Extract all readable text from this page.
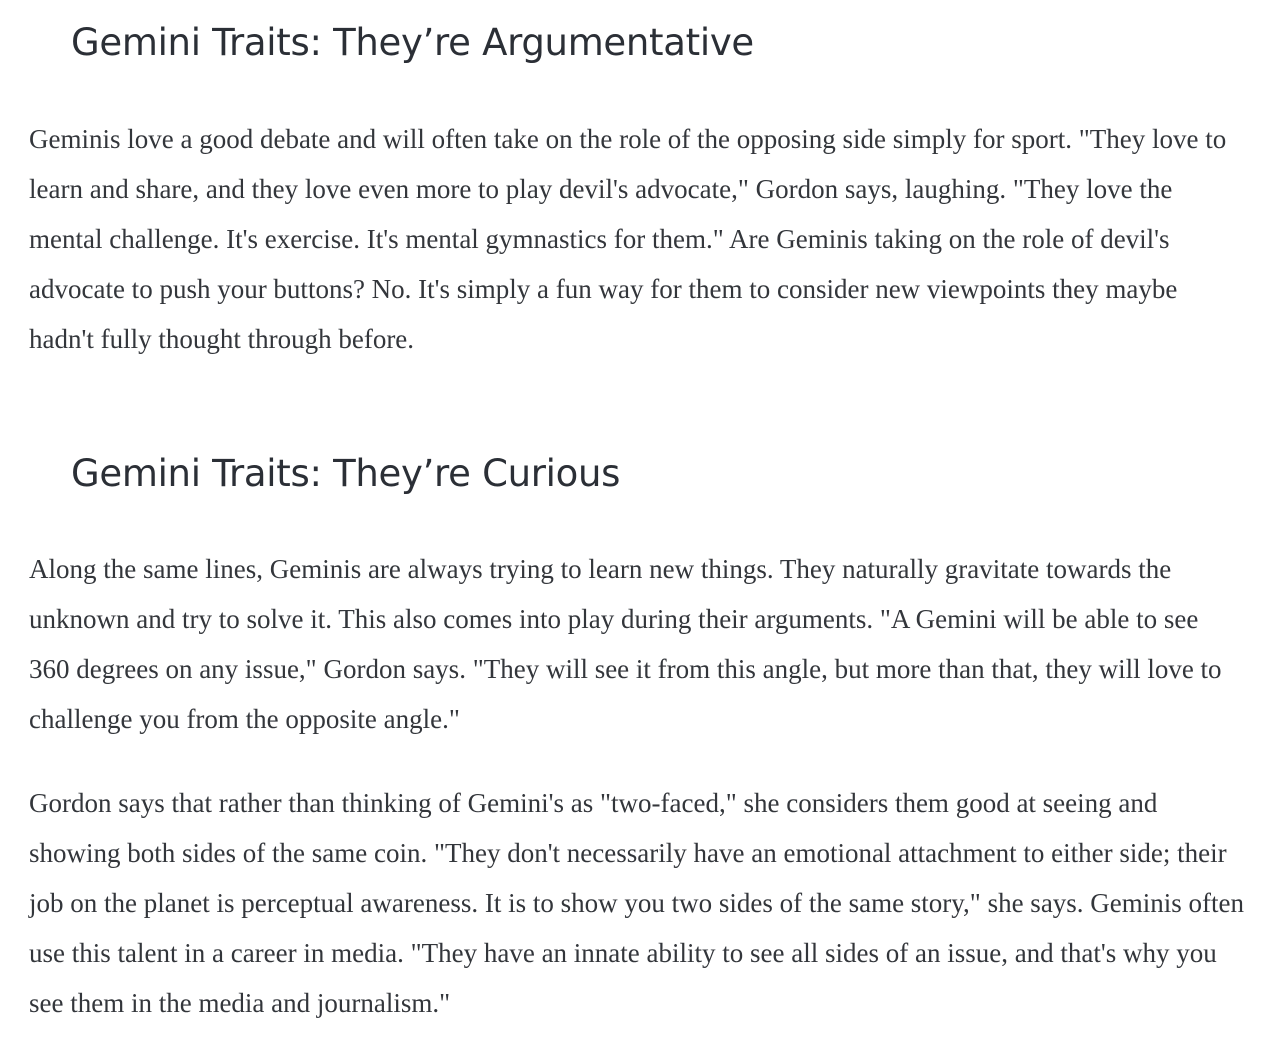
Gemini Traits: They’re Argumentative

Geminis love a good debate and will often take on the role of the opposing side simply for sport. "They love to learn and share, and they love even more to play devil's advocate," Gordon says, laughing. "They love the mental challenge. It's exercise. It's mental gymnastics for them." Are Geminis taking on the role of devil's advocate to push your buttons? No. It's simply a fun way for them to consider new viewpoints they maybe hadn't fully thought through before.

Gemini Traits: They’re Curious

Along the same lines, Geminis are always trying to learn new things. They naturally gravitate towards the unknown and try to solve it. This also comes into play during their arguments. "A Gemini will be able to see 360 degrees on any issue," Gordon says. "They will see it from this angle, but more than that, they will love to challenge you from the opposite angle."

Gordon says that rather than thinking of Gemini's as "two-faced," she considers them good at seeing and showing both sides of the same coin. "They don't necessarily have an emotional attachment to either side; their job on the planet is perceptual awareness. It is to show you two sides of the same story," she says. Geminis often use this talent in a career in media. "They have an innate ability to see all sides of an issue, and that's why you see them in the media and journalism."
